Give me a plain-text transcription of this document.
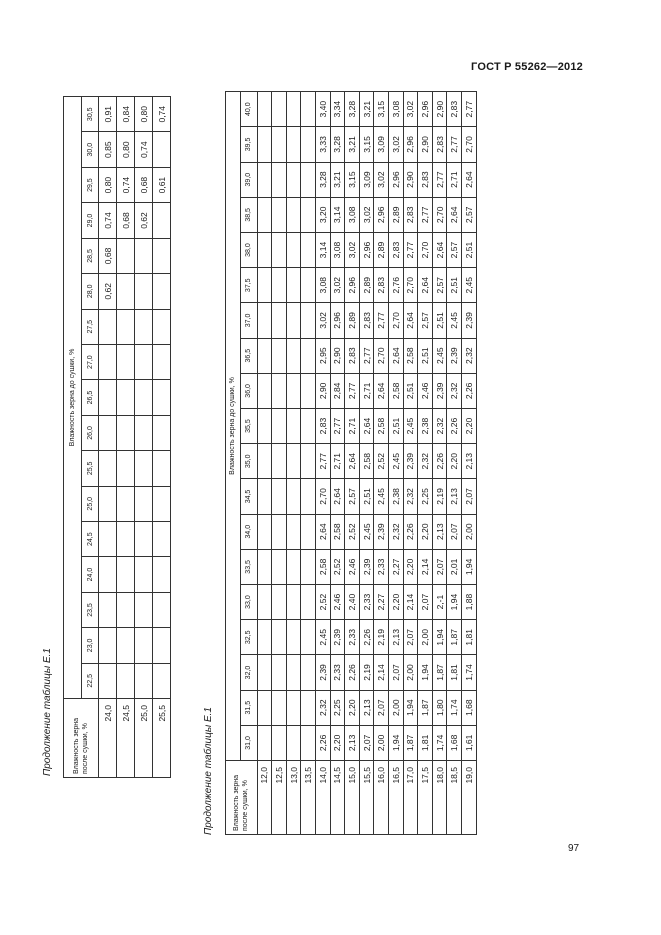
ГОСТ Р 55262—2012
Продолжение таблицы Е.1	Влажность зерна после сушки, %	Влажность зерна до сушки, %																
	22,5	23,0	23,5	24,0	24,5	25,0	25,5	26,0	26,5	27,0	27,5	28,0	28,5	29,0	29,5	30,0	30,5
24,0												0,62	0,68	0,74	0,80	0,85	0,91
24,5														0,68	0,74	0,80	0,84
25,0														0,62	0,68	0,74	0,80
25,5															0,61		0,74
Продолжение таблицы Е.1	Влажность зерна после сушки, %	Влажность зерна до сушки, %																		
	31,0	31,5	32,0	32,5	33,0	33,5	34,0	34,5	35,0	35,5	36,0	36,5	37,0	37,5	38,0	38,5	39,0	39,5	40,0
12,0																			
12,5																			
13,0																			
13,5																			
14,0	2,26	2,32	2,39	2,45	2,52	2,58	2,64	2,70	2,77	2,83	2,90	2,95	3,02	3,08	3,14	3,20	3,28	3,33	3,40
14,5	2,20	2,25	2,33	2,39	2,46	2,52	2,58	2,64	2,71	2,77	2,84	2,90	2,96	3,02	3,08	3,14	3,21	3,28	3,34
15,0	2,13	2,20	2,26	2,33	2,40	2,46	2,52	2,57	2,64	2,71	2,77	2,83	2,89	2,96	3,02	3,08	3,15	3,21	3,28
15,5	2,07	2,13	2,19	2,26	2,33	2,39	2,45	2,51	2,58	2,64	2,71	2,77	2,83	2,89	2,96	3,02	3,09	3,15	3,21
16,0	2,00	2,07	2,14	2,19	2,27	2,33	2,39	2,45	2,52	2,58	2,64	2,70	2,77	2,83	2,89	2,96	3,02	3,09	3,15
16,5	1,94	2,00	2,07	2,13	2,20	2,27	2,32	2,38	2,45	2,51	2,58	2,64	2,70	2,76	2,83	2,89	2,96	3,02	3,08
17,0	1,87	1,94	2,00	2,07	2,14	2,20	2,26	2,32	2,39	2,45	2,51	2,58	2,64	2,70	2,77	2,83	2,90	2,96	3,02
17,5	1,81	1,87	1,94	2,00	2,07	2,14	2,20	2,25	2,32	2,38	2,46	2,51	2,57	2,64	2,70	2,77	2,83	2,90	2,96
18,0	1,74	1,80	1,87	1,94	2,-1	2,07	2,13	2,19	2,26	2,32	2,39	2,45	2,51	2,57	2,64	2,70	2,77	2,83	2,90
18,5	1,68	1,74	1,81	1,87	1,94	2,01	2,07	2,13	2,20	2,26	2,32	2,39	2,45	2,51	2,57	2,64	2,71	2,77	2,83
19,0	1,61	1,68	1,74	1,81	1,88	1,94	2,00	2,07	2,13	2,20	2,26	2,32	2,39	2,45	2,51	2,57	2,64	2,70	2,77
97
